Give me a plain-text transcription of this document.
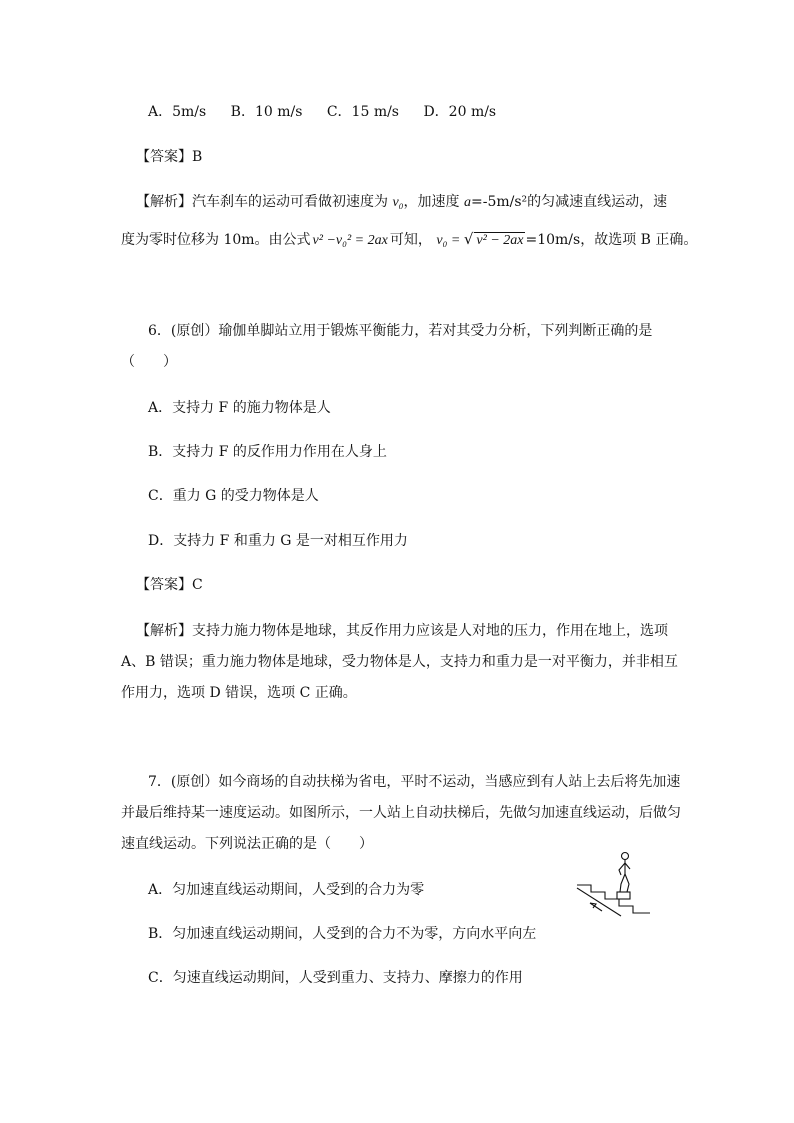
A．5m/s B．10 m/s C．15 m/s D．20 m/s
【答案】B
【解析】汽车刹车的运动可看做初速度为 v₀，加速度 a=-5m/s²的匀减速直线运动，速
度为零时位移为 10m。由公式 v² −v₀² = 2ax 可知， v₀ = √ v² − 2ax =10m/s，故选项 B 正确。
6．(原创）瑜伽单脚站立用于锻炼平衡能力，若对其受力分析，下列判断正确的是
（　　）
A．支持力 F 的施力物体是人
B．支持力 F 的反作用力作用在人身上
C．重力 G 的受力物体是人
D．支持力 F 和重力 G 是一对相互作用力
【答案】C
【解析】支持力施力物体是地球，其反作用力应该是人对地的压力，作用在地上，选项
A、B 错误；重力施力物体是地球，受力物体是人，支持力和重力是一对平衡力，并非相互
作用力，选项 D 错误，选项 C 正确。
7．(原创）如今商场的自动扶梯为省电，平时不运动，当感应到有人站上去后将先加速
并最后维持某一速度运动。如图所示，一人站上自动扶梯后，先做匀加速直线运动，后做匀
速直线运动。下列说法正确的是（　　）
A．匀加速直线运动期间，人受到的合力为零
B．匀加速直线运动期间，人受到的合力不为零，方向水平向左
C．匀速直线运动期间，人受到重力、支持力、摩擦力的作用
